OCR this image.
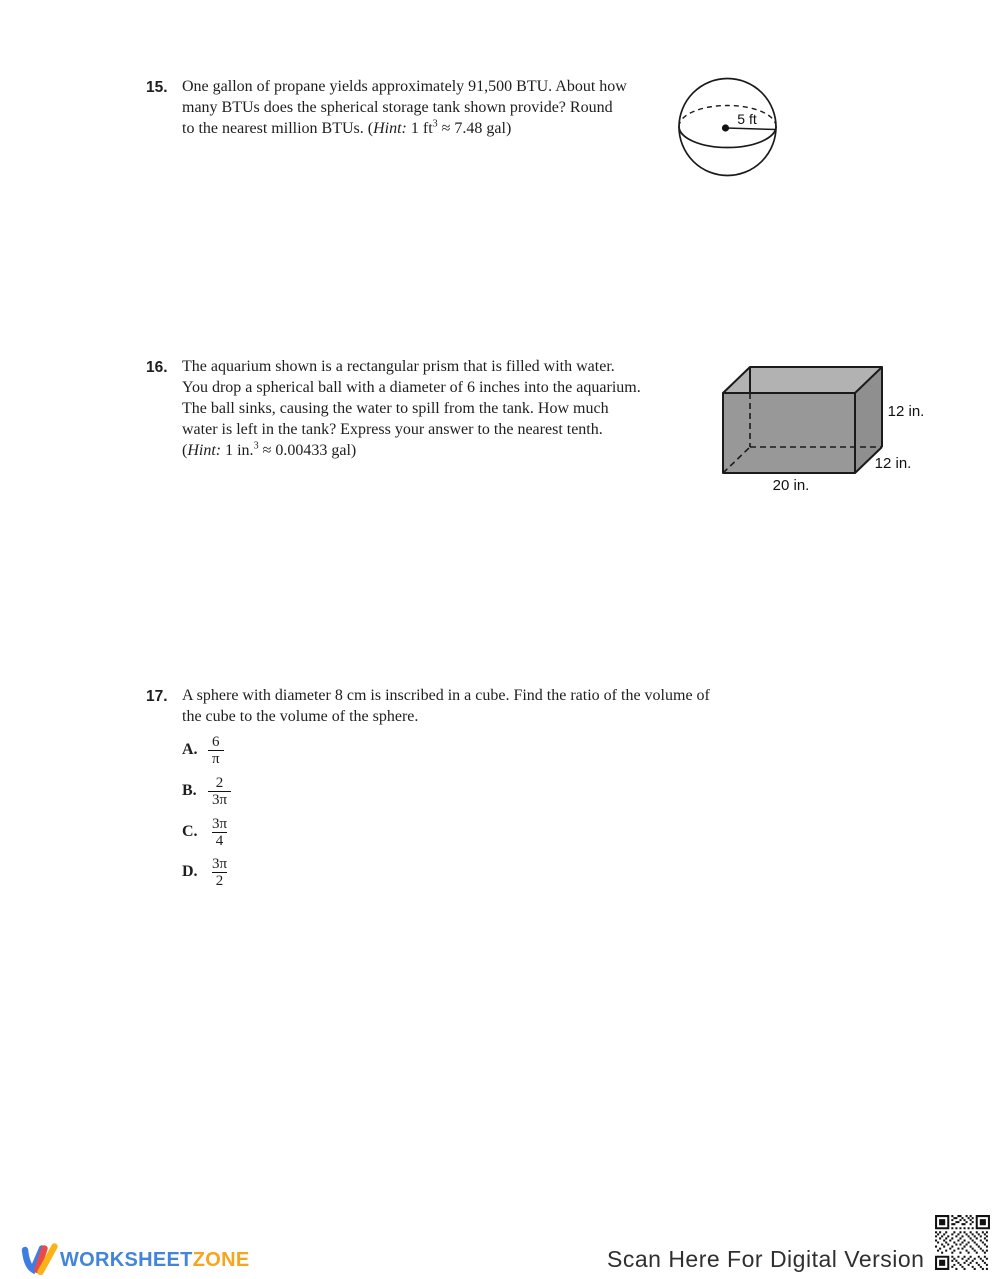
15. One gallon of propane yields approximately 91,500 BTU. About how
many BTUs does the spherical storage tank shown provide? Round
to the nearest million BTUs. (Hint: 1 $ft^3 \approx 7.48$ gal)
5 ft
16. The aquarium shown is a rectangular prism that is filled with water.
You drop a spherical ball with a diameter of 6 inches into the aquarium.
The ball sinks, causing the water to spill from the tank. How much
water is left in the tank? Express your answer to the nearest tenth.
(Hint: 1 in.$^3$ ≈ 0.00433 gal)
12 in.
12 in.
20 in.
17. A sphere with diameter 8 cm is inscribed in a cube. Find the ratio of the volume of
the cube to the volume of the sphere.
A. $\frac{6}{\pi}$
B. $\frac{2}{3\pi}$
C. $\frac{3\pi}{4}$
D. $\frac{3\pi}{2}$
WORKSHEETZONE	Scan Here For Digital Version
